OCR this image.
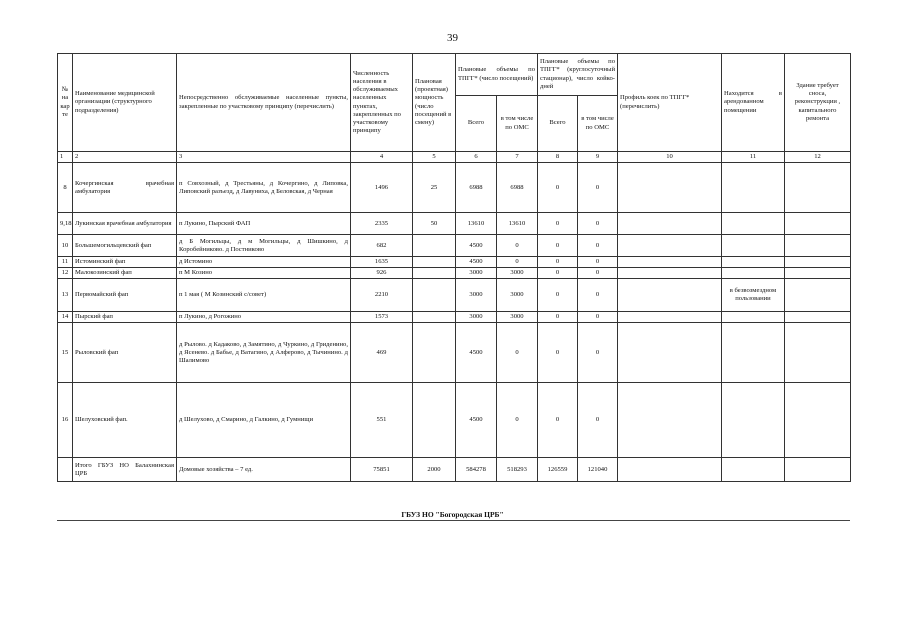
39
№ на кар те	Наименование медицинской организации (структурного подразделения)	Непосредственно обслуживаемые населенные пункты, закрепленные по участковому принципу (перечислить)	Численность населения в обслуживаемых населенных пунктах, закрепленных по участковому принципу	Плановая (проектная) мощность (число посещений в смену)	Плановые объемы по ТПГГ* (число посещений)		Плановые объемы по ТПГГ* (круглосуточный стационар), число койко-дней		Профиль коек по ТПГГ* (перечислить)	Находится в арендованном помещении	Здание требует сноса, реконструкции , капитального ремонта
					Всего	в том числе по ОМС	Всего	в том числе по ОМС			
1	2	3	4	5	6	7	8	9	10	11	12
8	Кочергинская врачебная амбулатория	п Совхозный, д Трестьяны, д Кочергино, д Липовка, Липовский разъезд, д Лавуниха, д Беловская, д Черная	1496	25	6988	6988	0	0			
9,18	Лукинская врачебная амбулатория	п Лукино, Пырский ФАП	2335	50	13610	13610	0	0			
10	Большемогильцевский фап	д Б Могильцы, д м Могильцы, д Шишкино, д Коробейниково. д Постниково	682		4500	0	0	0			
11	Истоминский фап	д Истомино	1635		4500	0	0	0			
12	Малокозинский фап	п М Козино	926		3000	3000	0	0			
13	Первомайский фап	п 1 мая ( М Козинский с/совет)	2210		3000	3000	0	0		в безвозмездном пользовании	
14	Пырский фап	п Лукино, д Рогожино	1573		3000	3000	0	0			
15	Рыловский фап	д Рылово. д Кадаково, д Замятино, д Чуркино, д Гриденино, д Ясенево. д Бабье, д Ватагино, д Алферово, д Тычинино. д Шалимово	469		4500	0	0	0			
16	Шелуховский фап.	д Шелухово, д Смарино, д Галкино, д Гумнищи	551		4500	0	0	0			
	Итого ГБУЗ НО Балахнинская ЦРБ	Домовые хозяйства – 7 ед.	75851	2000	584278	518293	126559	121040			
ГБУЗ НО "Богородская ЦРБ"
